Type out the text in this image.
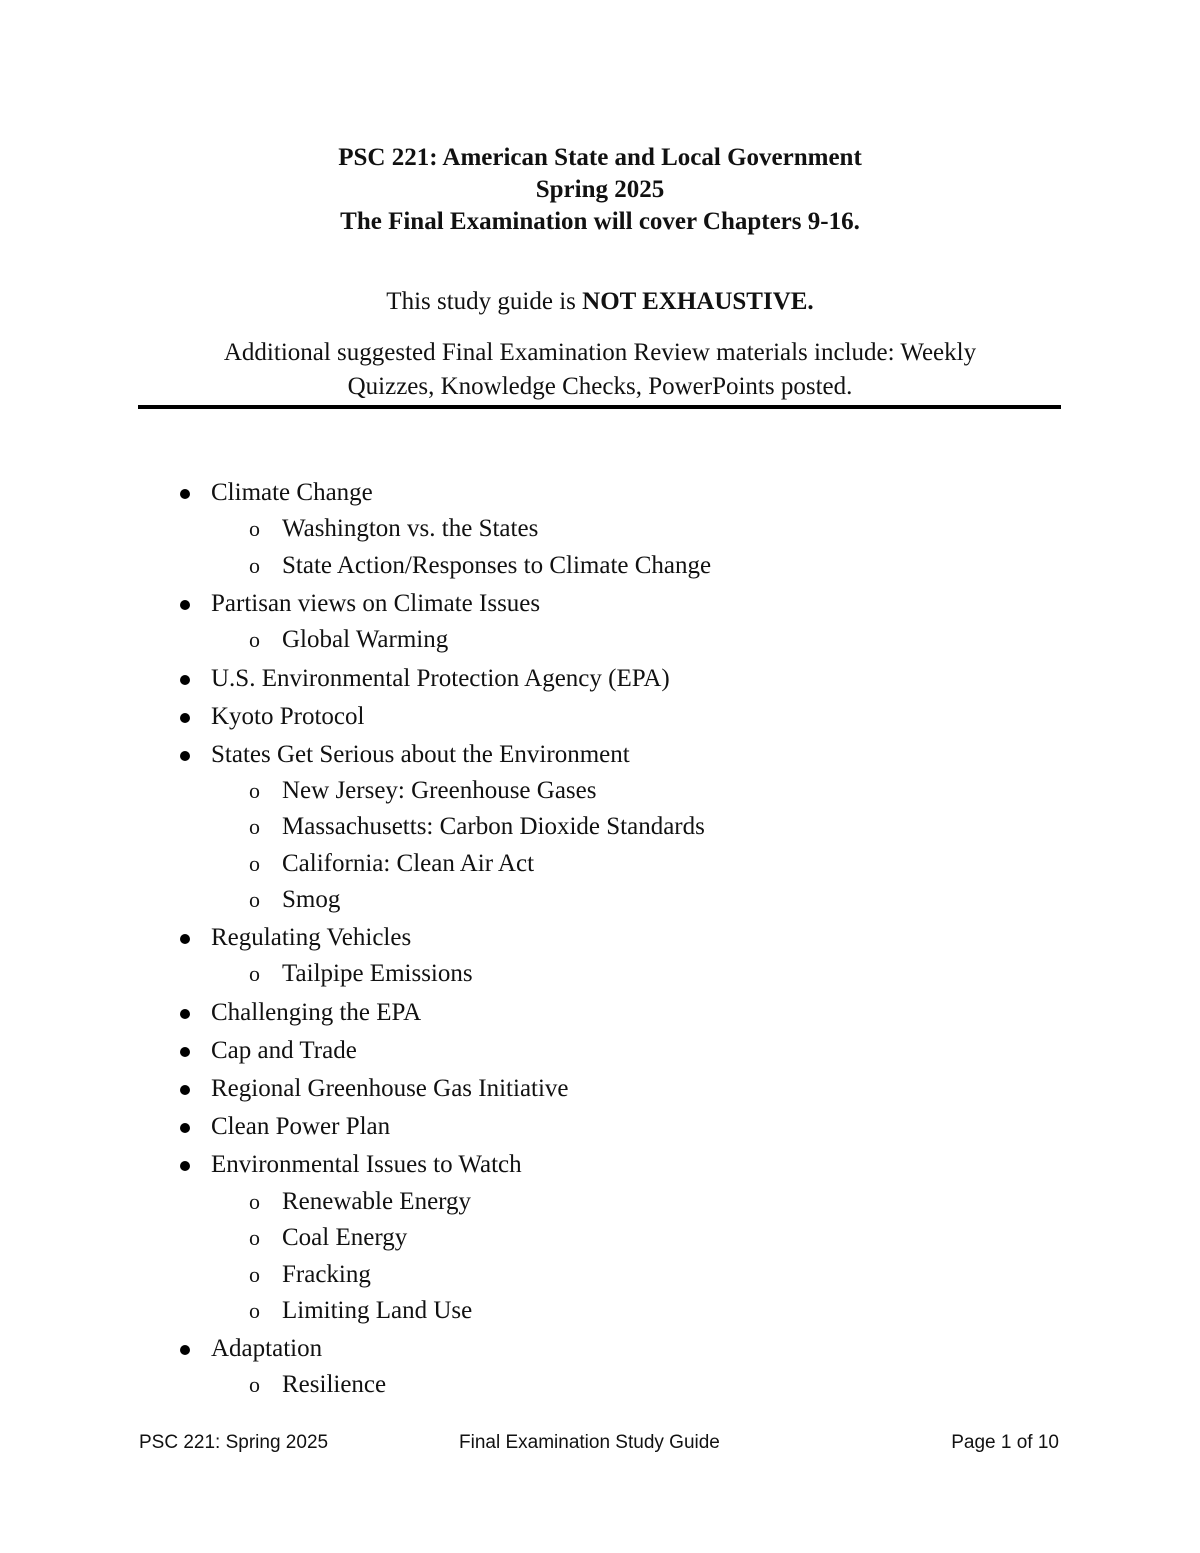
PSC 221: American State and Local Government
Spring 2025
The Final Examination will cover Chapters 9-16.
This study guide is NOT EXHAUSTIVE.
Additional suggested Final Examination Review materials include: Weekly
Quizzes, Knowledge Checks, PowerPoints posted.
Climate Change
o Washington vs. the States
o State Action/Responses to Climate Change
Partisan views on Climate Issues
o Global Warming
U.S. Environmental Protection Agency (EPA)
Kyoto Protocol
States Get Serious about the Environment
o New Jersey: Greenhouse Gases
o Massachusetts: Carbon Dioxide Standards
o California: Clean Air Act
o Smog
Regulating Vehicles
o Tailpipe Emissions
Challenging the EPA
Cap and Trade
Regional Greenhouse Gas Initiative
Clean Power Plan
Environmental Issues to Watch
o Renewable Energy
o Coal Energy
o Fracking
o Limiting Land Use
Adaptation
o Resilience
PSC 221: Spring 2025	Final Examination Study Guide	Page 1 of 10
